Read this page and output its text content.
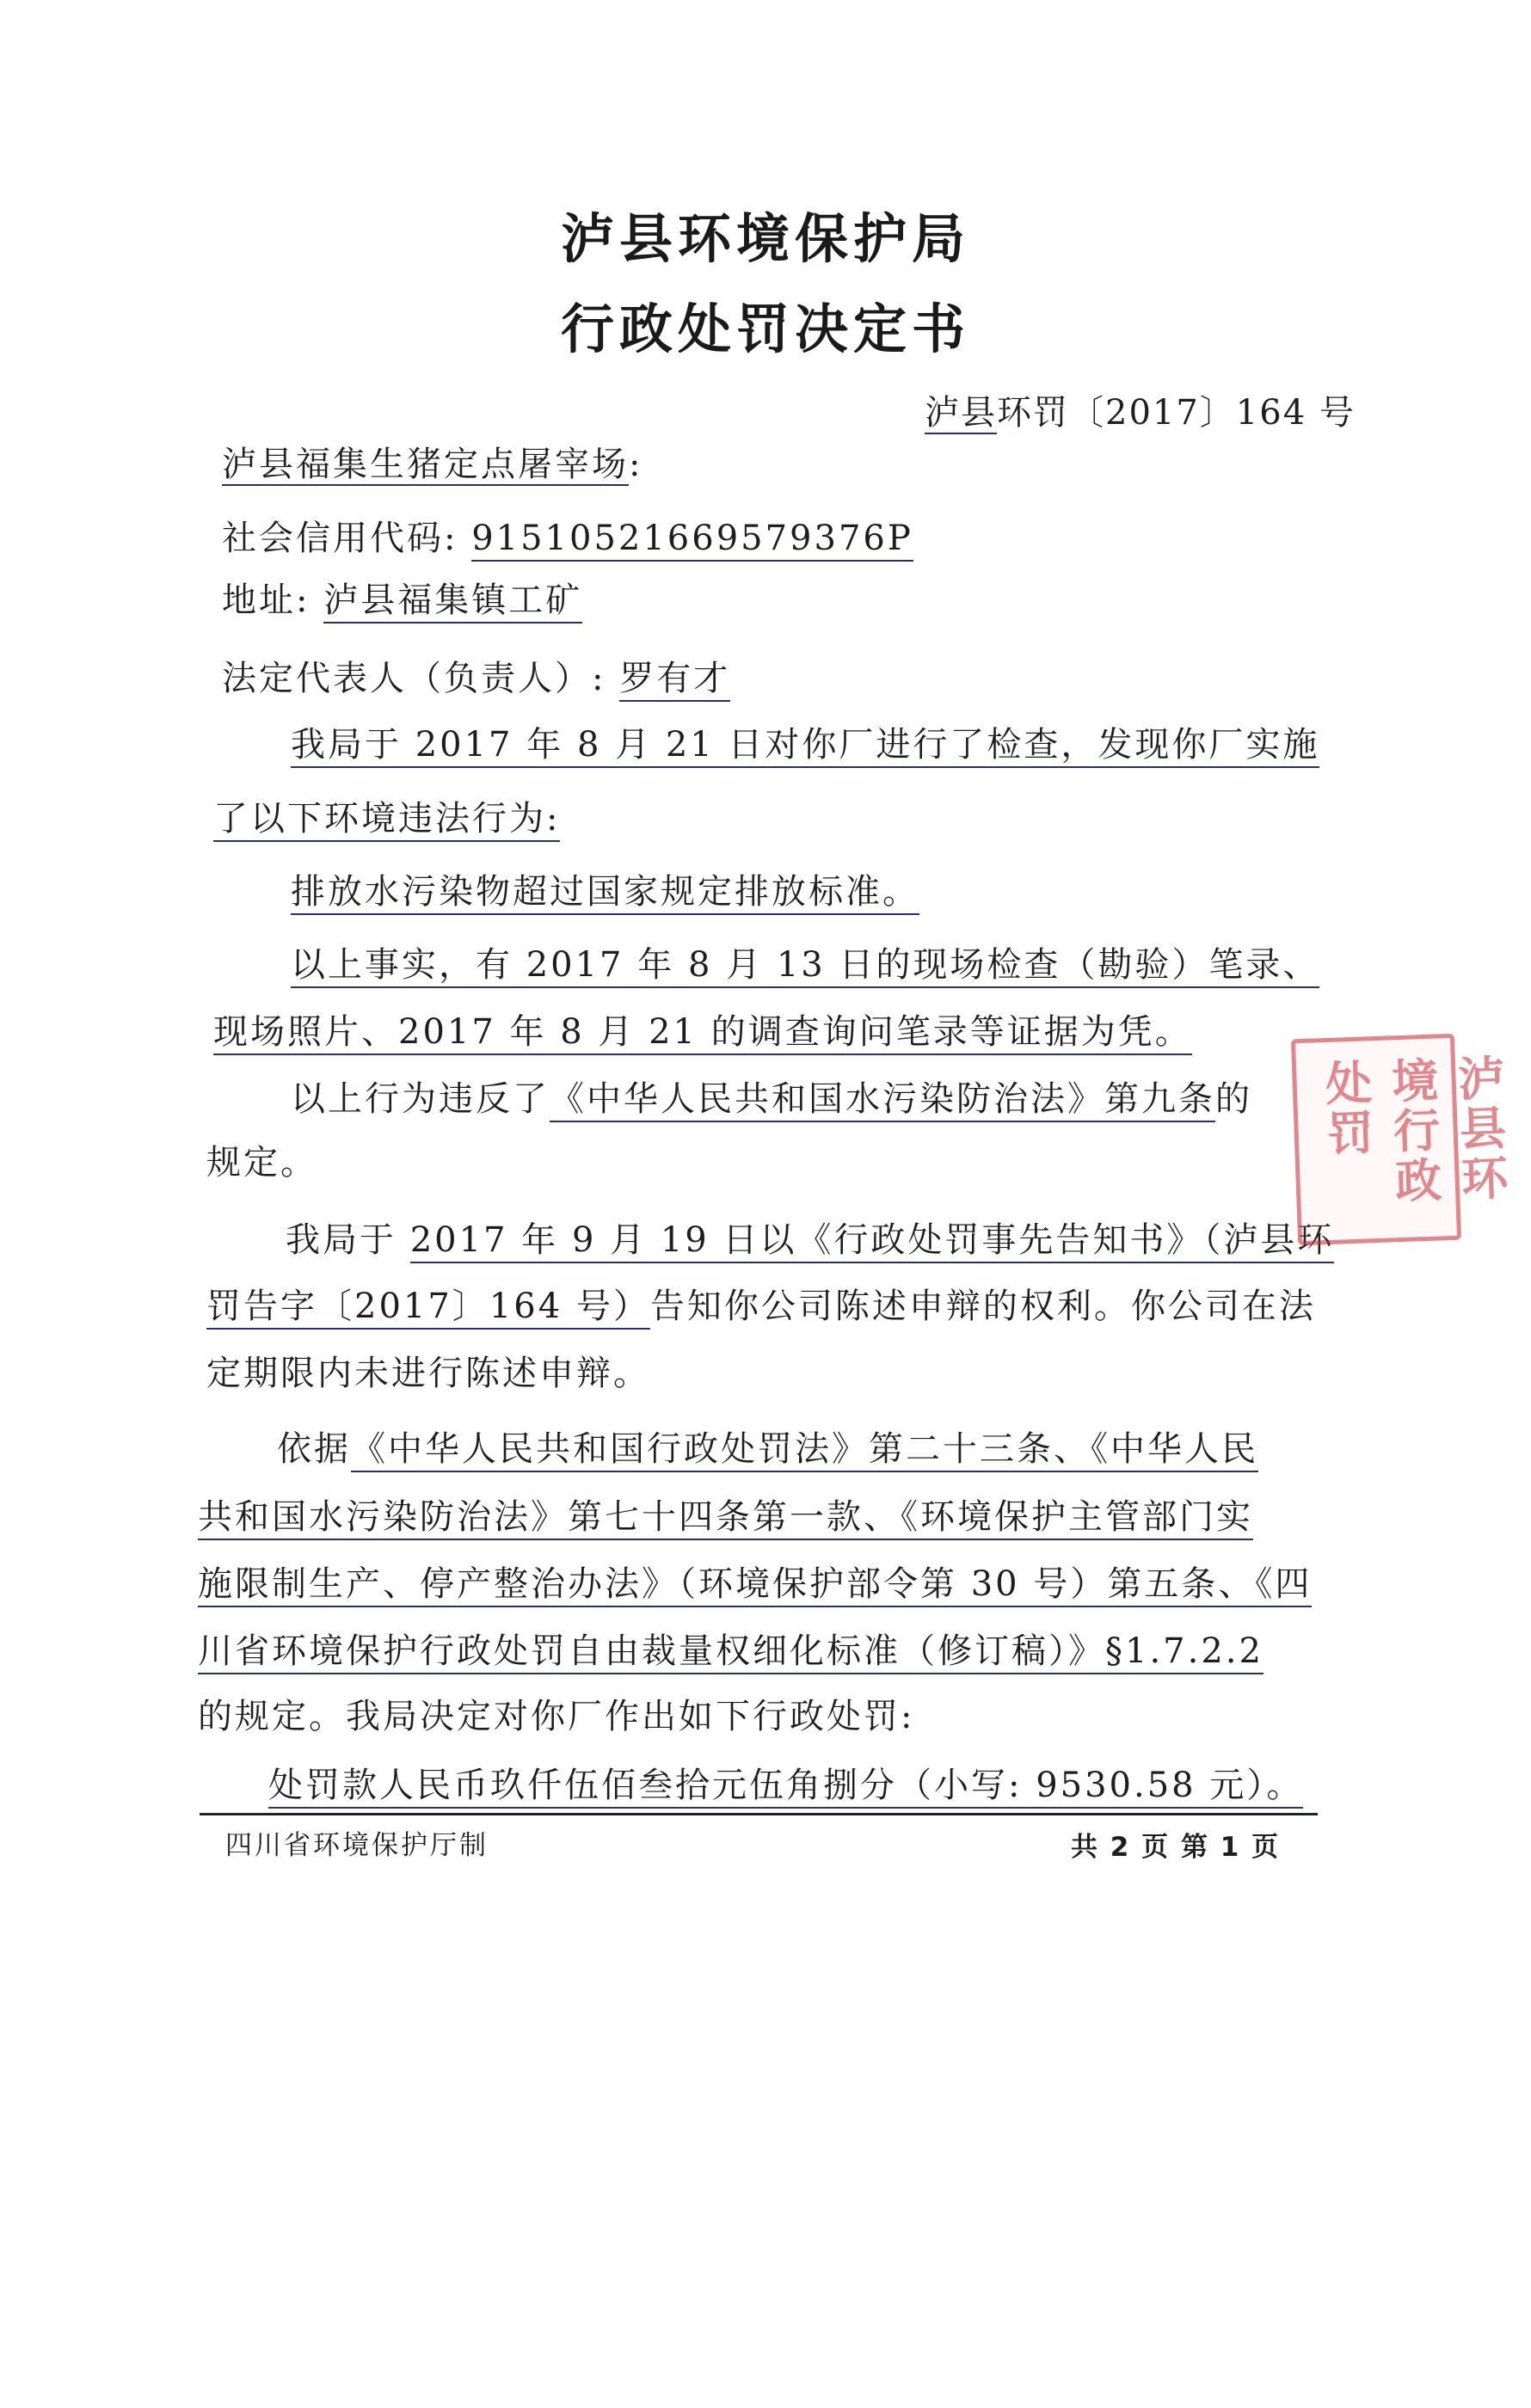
泸县环境保护局
行政处罚决定书
泸县环罚〔2017〕164 号
泸县福集生猪定点屠宰场:
社会信用代码: 91510521669579376P
地址: 泸县福集镇工矿
法定代表人（负责人）: 罗有才
我局于 2017 年 8 月 21 日对你厂进行了检查，发现你厂实施
了以下环境违法行为:
排放水污染物超过国家规定排放标准。
以上事实，有 2017 年 8 月 13 日的现场检查（勘验）笔录、
现场照片、2017 年 8 月 21 的调查询问笔录等证据为凭。
以上行为违反了《中华人民共和国水污染防治法》第九条的
规定。
我局于 2017 年 9 月 19 日以《行政处罚事先告知书》（泸县环
罚告字〔2017〕164 号）告知你公司陈述申辩的权利。你公司在法
定期限内未进行陈述申辩。
依据《中华人民共和国行政处罚法》第二十三条、《中华人民
共和国水污染防治法》第七十四条第一款、《环境保护主管部门实
施限制生产、停产整治办法》（环境保护部令第 30 号）第五条、《四
川省环境保护行政处罚自由裁量权细化标准（修订稿）》§1.7.2.2
的规定。我局决定对你厂作出如下行政处罚:
处罚款人民币玖仟伍佰叁拾元伍角捌分（小写: 9530.58 元）。
泸县环境行政处罚
四川省环境保护厅制	共 2 页 第 1 页
